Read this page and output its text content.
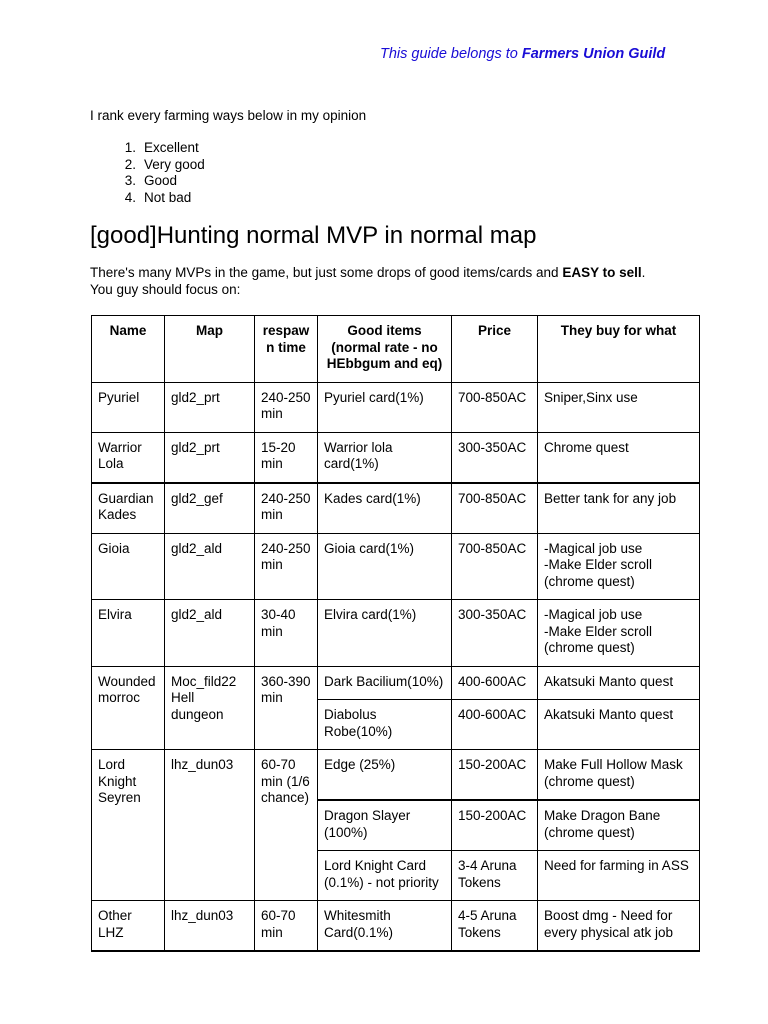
This guide belongs to Farmers Union Guild
I rank every farming ways below in my opinion
1. Excellent
2. Very good
3. Good
4. Not bad
[good]Hunting normal MVP in normal map

There's many MVPs in the game, but just some drops of good items/cards and EASY to sell.
You guy should focus on:

Name	Map	respaw n time	Good items (normal rate - no HEbbgum and eq)	Price	They buy for what
Pyuriel	gld2_prt	240-250 min	Pyuriel card(1%)	700-850AC	Sniper,Sinx use
Warrior Lola	gld2_prt	15-20 min	Warrior lola card(1%)	300-350AC	Chrome quest
Guardian Kades	gld2_gef	240-250 min	Kades card(1%)	700-850AC	Better tank for any job
Gioia	gld2_ald	240-250 min	Gioia card(1%)	700-850AC	-Magical job use
-Make Elder scroll (chrome quest)
Elvira	gld2_ald	30-40 min	Elvira card(1%)	300-350AC	-Magical job use
-Make Elder scroll (chrome quest)
Wounded morroc	Moc_fild22 Hell dungeon	360-390 min	Dark Bacilium(10%)	400-600AC	Akatsuki Manto quest
			Diabolus Robe(10%)	400-600AC	Akatsuki Manto quest
Lord Knight Seyren	lhz_dun03	60-70 min (1/6 chance)	Edge (25%)	150-200AC	Make Full Hollow Mask (chrome quest)
			Dragon Slayer (100%)	150-200AC	Make Dragon Bane (chrome quest)
			Lord Knight Card (0.1%) - not priority	3-4 Aruna Tokens	Need for farming in ASS
Other LHZ	lhz_dun03	60-70 min	Whitesmith Card(0.1%)	4-5 Aruna Tokens	Boost dmg - Need for every physical atk job
